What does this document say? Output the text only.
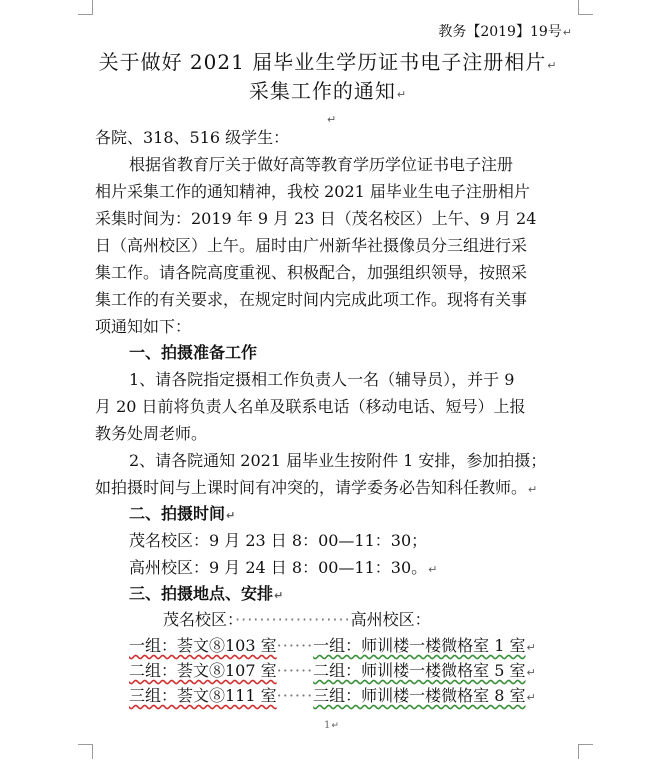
教务【2019】19号↵
关于做好 2021 届毕业生学历证书电子注册相片↵
采集工作的通知↵
↵
各院、318、516 级学生：
根据省教育厅关于做好高等教育学历学位证书电子注册
相片采集工作的通知精神，我校 2021 届毕业生电子注册相片
采集时间为：2019 年 9 月 23 日（茂名校区）上午、9 月 24
日（高州校区）上午。届时由广州新华社摄像员分三组进行采
集工作。请各院高度重视、积极配合，加强组织领导，按照采
集工作的有关要求，在规定时间内完成此项工作。现将有关事
项通知如下：
一、拍摄准备工作
1、请各院指定摄相工作负责人一名（辅导员），并于 9
月 20 日前将负责人名单及联系电话（移动电话、短号）上报
教务处周老师。
2、请各院通知 2021 届毕业生按附件 1 安排，参加拍摄；
如拍摄时间与上课时间有冲突的，请学委务必告知科任教师。↵
二、拍摄时间↵
茂名校区：9 月 23 日 8：00—11：30；
高州校区：9 月 24 日 8：00—11：30。↵
三、拍摄地点、安排↵
茂名校区：···················高州校区：
一组：荟文⑧103 室······一组：师训楼一楼微格室 1 室↵
二组：荟文⑧107 室······二组：师训楼一楼微格室 5 室↵
三组：荟文⑧111 室······三组：师训楼一楼微格室 8 室↵
1↵
